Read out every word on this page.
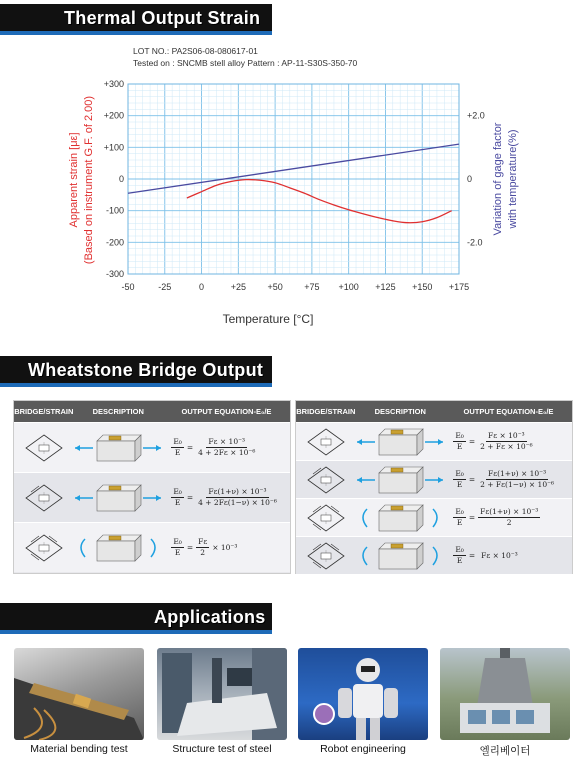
Thermal Output Strain
LOT NO.: PA2S06-08-080617-01
Tested on : SNCMB stell alloy Pattern : AP-11-S30S-350-70
-50	-25	0	+25 +50 +75 +100 +125 +150 +175
+300
+200
+100
0
-100
-200
-300
+2.0
0
-2.0
Temperature [°C]
Apparent strain [με] (Based on instrument G.F. of 2.00)	Variation of gage factor with temperature(%)
Wheatstone Bridge Output
BRIDGE/STRAIN	DESCRIPTION	OUTPUT EQUATION-E₀/E
$\frac{\text{E₀}}{E} = \frac{\text{Fε × 10⁻³}}{\text{4 + 2Fε × 10⁻⁶}}$
$\frac{\text{E₀}}{E} = \frac{\text{Fε(1+ν) × 10⁻³}}{\text{4 + 2Fε(1−ν) × 10⁻⁶}}$
$\frac{\text{E₀}}{E} = \frac{F\varepsilon}{2} \times 10^{-3}$
BRIDGE/STRAIN	DESCRIPTION	OUTPUT EQUATION-E₀/E
$\frac{\text{E₀}}{E} = \frac{\text{Fε × 10⁻³}}{\text{2 + Fε × 10⁻⁶}}$
$\frac{\text{E₀}}{E} = \frac{\text{Fε(1+ν) × 10⁻³}}{\text{2 + Fε(1−ν) × 10⁻⁶}}$
$\frac{\text{E₀}}{E} = \frac{\text{Fε(1+ν) × 10⁻³}}{2}$
$\frac{\text{E₀}}{E} = F\varepsilon \times 10^{-3}$
Applications
Material bending test	Structure test of steel	Robot engineering	엘리베이터
